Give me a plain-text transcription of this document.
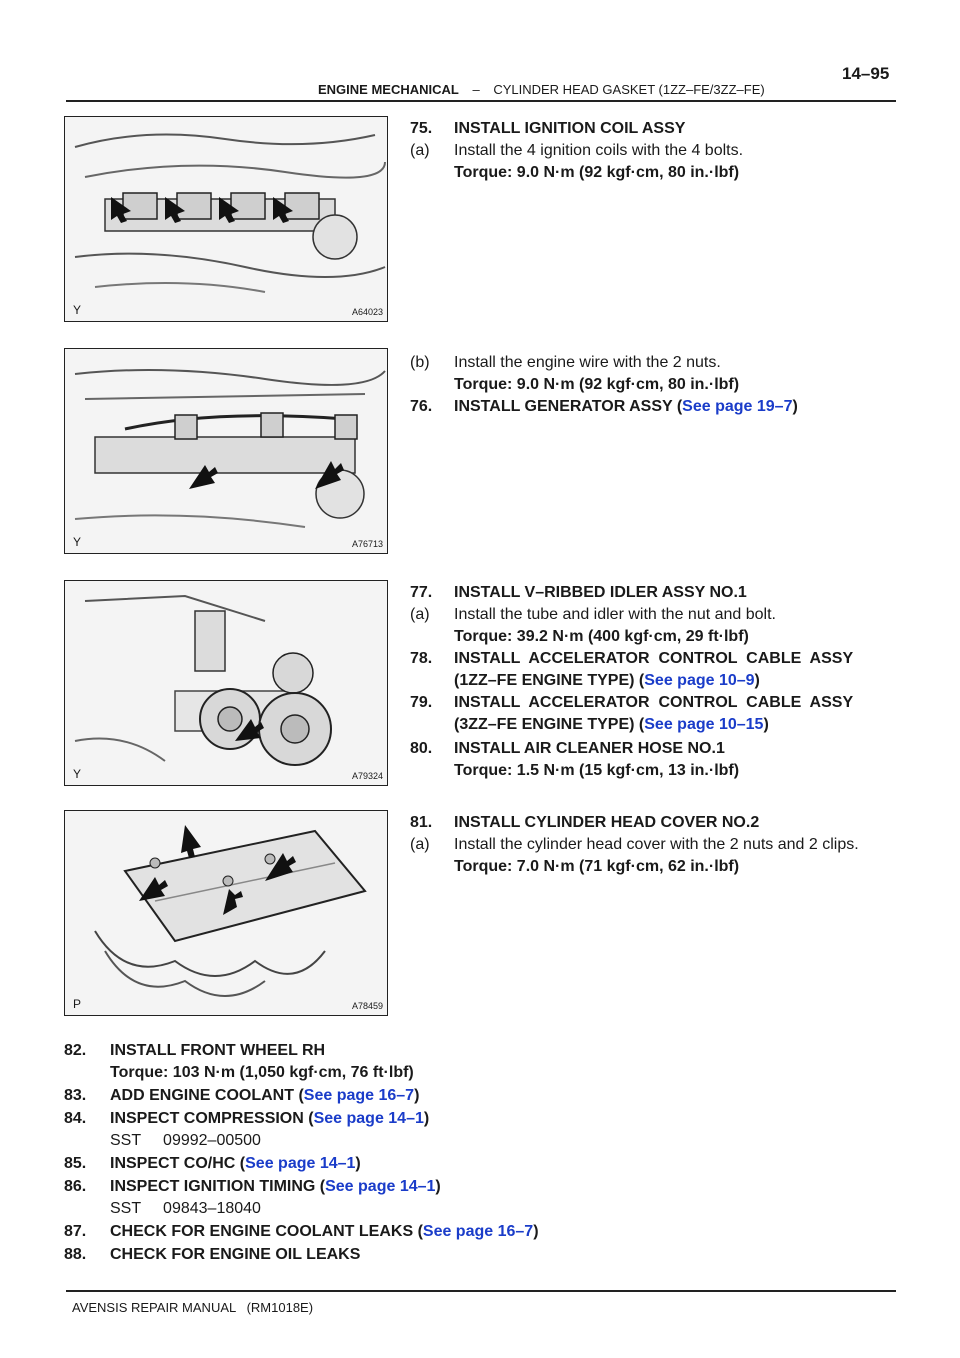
14–95
ENGINE MECHANICAL – CYLINDER HEAD GASKET (1ZZ–FE/3ZZ–FE)
Y	A64023
Y	A76713
Y	A79324
P	A78459
75. INSTALL IGNITION COIL ASSY
(a) Install the 4 ignition coils with the 4 bolts.
Torque: 9.0 N·m (92 kgf·cm, 80 in.·lbf)
(b) Install the engine wire with the 2 nuts.
Torque: 9.0 N·m (92 kgf·cm, 80 in.·lbf)
76. INSTALL GENERATOR ASSY (See page 19–7)
77. INSTALL V–RIBBED IDLER ASSY NO.1
(a) Install the tube and idler with the nut and bolt.
Torque: 39.2 N·m (400 kgf·cm, 29 ft·lbf)
78. INSTALL  ACCELERATOR  CONTROL  CABLE  ASSY
(1ZZ–FE ENGINE TYPE) (See page 10–9)
79. INSTALL  ACCELERATOR  CONTROL  CABLE  ASSY
(3ZZ–FE ENGINE TYPE) (See page 10–15)
80. INSTALL AIR CLEANER HOSE NO.1
Torque: 1.5 N·m (15 kgf·cm, 13 in.·lbf)
81. INSTALL CYLINDER HEAD COVER NO.2
(a) Install the cylinder head cover with the 2 nuts and 2 clips.
Torque: 7.0 N·m (71 kgf·cm, 62 in.·lbf)
82. INSTALL FRONT WHEEL RH
Torque: 103 N·m (1,050 kgf·cm, 76 ft·lbf)
83. ADD ENGINE COOLANT (See page 16–7)
84. INSPECT COMPRESSION (See page 14–1)
SST     09992–00500
85. INSPECT CO/HC (See page 14–1)
86. INSPECT IGNITION TIMING (See page 14–1)
SST     09843–18040
87. CHECK FOR ENGINE COOLANT LEAKS (See page 16–7)
88. CHECK FOR ENGINE OIL LEAKS
AVENSIS REPAIR MANUAL   (RM1018E)
